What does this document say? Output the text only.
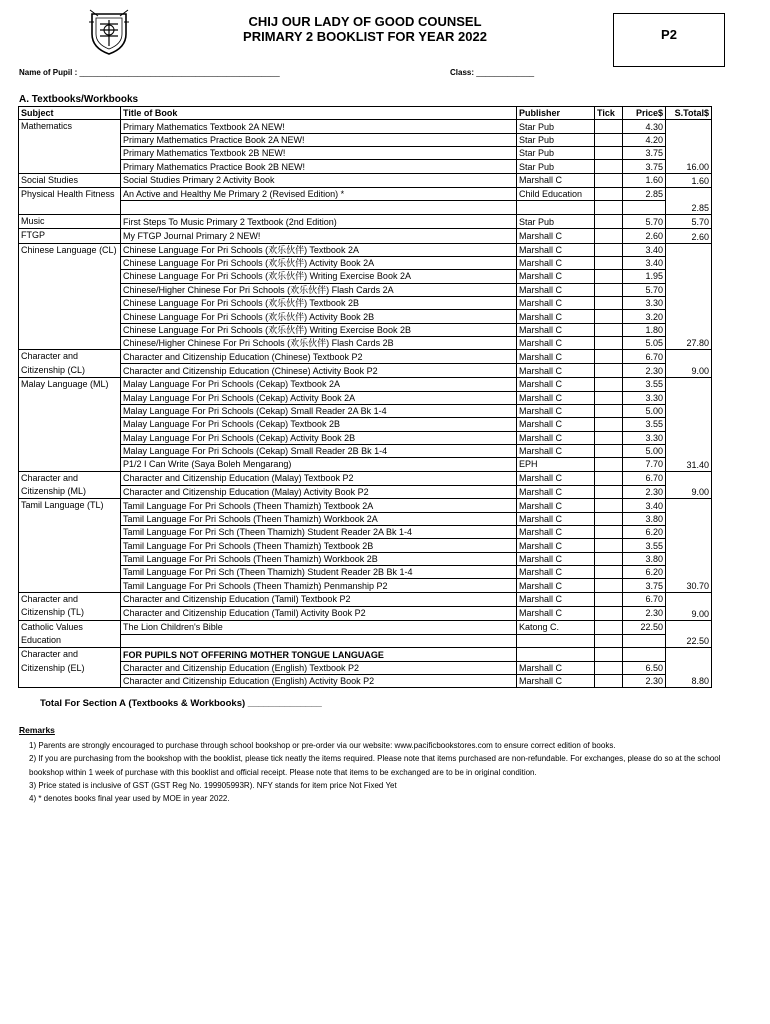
CHIJ OUR LADY OF GOOD COUNSEL
PRIMARY 2 BOOKLIST FOR YEAR 2022	P2
Name of Pupil : _____________________________________________	Class: _____________
A. Textbooks/Workbooks
Subject	Title of Book	Publisher	Tick	Price$	S.Total$
Mathematics	Primary Mathematics Textbook 2A NEW!	Star Pub		4.30	16.00
	Primary Mathematics Practice Book 2A NEW!	Star Pub		4.20	
	Primary Mathematics Textbook 2B NEW!	Star Pub		3.75	
	Primary Mathematics Practice Book 2B NEW!	Star Pub		3.75	
Social Studies	Social Studies Primary 2 Activity Book	Marshall C		1.60	1.60
Physical Health Fitness	An Active and Healthy Me Primary 2 (Revised Edition) *	Child Education		2.85	2.85

Music	First Steps To Music Primary 2 Textbook (2nd Edition)	Star Pub		5.70	5.70
FTGP	My FTGP Journal Primary 2 NEW!	Marshall C		2.60	2.60
Chinese Language (CL)	Chinese Language For Pri Schools (欢乐伙伴) Textbook 2A	Marshall C		3.40	27.80
	Chinese Language For Pri Schools (欢乐伙伴) Activity Book 2A	Marshall C		3.40	
	Chinese Language For Pri Schools (欢乐伙伴) Writing Exercise Book 2A	Marshall C		1.95	
	Chinese/Higher Chinese For Pri Schools (欢乐伙伴) Flash Cards 2A	Marshall C		5.70	
	Chinese Language For Pri Schools (欢乐伙伴) Textbook 2B	Marshall C		3.30	
	Chinese Language For Pri Schools (欢乐伙伴) Activity Book 2B	Marshall C		3.20	
	Chinese Language For Pri Schools (欢乐伙伴) Writing Exercise Book 2B	Marshall C		1.80	
	Chinese/Higher Chinese For Pri Schools (欢乐伙伴) Flash Cards 2B	Marshall C		5.05	
Character and Citizenship (CL)	Character and Citizenship Education (Chinese) Textbook P2	Marshall C		6.70	9.00
	Character and Citizenship Education (Chinese) Activity Book P2	Marshall C		2.30	
Malay Language (ML)	Malay Language For Pri Schools (Cekap) Textbook 2A	Marshall C		3.55	31.40
	Malay Language For Pri Schools (Cekap) Activity Book 2A	Marshall C		3.30	
	Malay Language For Pri Schools (Cekap) Small Reader 2A Bk 1-4	Marshall C		5.00	
	Malay Language For Pri Schools (Cekap) Textbook 2B	Marshall C		3.55	
	Malay Language For Pri Schools (Cekap) Activity Book 2B	Marshall C		3.30	
	Malay Language For Pri Schools (Cekap) Small Reader 2B Bk 1-4	Marshall C		5.00	
	P1/2 I Can Write (Saya Boleh Mengarang)	EPH		7.70	
Character and Citizenship (ML)	Character and Citizenship Education (Malay) Textbook P2	Marshall C		6.70	9.00
	Character and Citizenship Education (Malay) Activity Book P2	Marshall C		2.30	
Tamil Language (TL)	Tamil Language For Pri Schools (Theen Thamizh) Textbook 2A	Marshall C		3.40	30.70
	Tamil Language For Pri Schools (Theen Thamizh) Workbook 2A	Marshall C		3.80	
	Tamil Language For Pri Sch (Theen Thamizh) Student Reader 2A Bk 1-4	Marshall C		6.20	
	Tamil Language For Pri Schools (Theen Thamizh) Textbook 2B	Marshall C		3.55	
	Tamil Language For Pri Schools (Theen Thamizh) Workbook 2B	Marshall C		3.80	
	Tamil Language For Pri Sch (Theen Thamizh) Student Reader 2B Bk 1-4	Marshall C		6.20	
	Tamil Language For Pri Schools (Theen Thamizh) Penmanship P2	Marshall C		3.75	
Character and Citizenship (TL)	Character and Citizenship Education (Tamil) Textbook P2	Marshall C		6.70	9.00
	Character and Citizenship Education (Tamil) Activity Book P2	Marshall C		2.30	
Catholic Values Education	The Lion Children's Bible	Katong C.		22.50	22.50

Character and Citizenship (EL)	FOR PUPILS NOT OFFERING MOTHER TONGUE LANGUAGE				8.80
	Character and Citizenship Education (English) Textbook P2	Marshall C		6.50	
	Character and Citizenship Education (English) Activity Book P2	Marshall C		2.30	
Total For Section A (Textbooks & Workbooks) ______________
Remarks

1) Parents are strongly encouraged to purchase through school bookshop or pre-order via our website: www.pacificbookstores.com to ensure correct edition of books.

2) If you are purchasing from the bookshop with the booklist, please tick neatly the items required. Please note that items purchased are non-refundable. For exchanges, please do so at the school bookshop within 1 week of purchase with this booklist and official receipt. Please note that items to be exchanged are to be in original condition.

3) Price stated is inclusive of GST (GST Reg No. 199905993R). NFY stands for item price Not Fixed Yet

4) * denotes books final year used by MOE in year 2022.
